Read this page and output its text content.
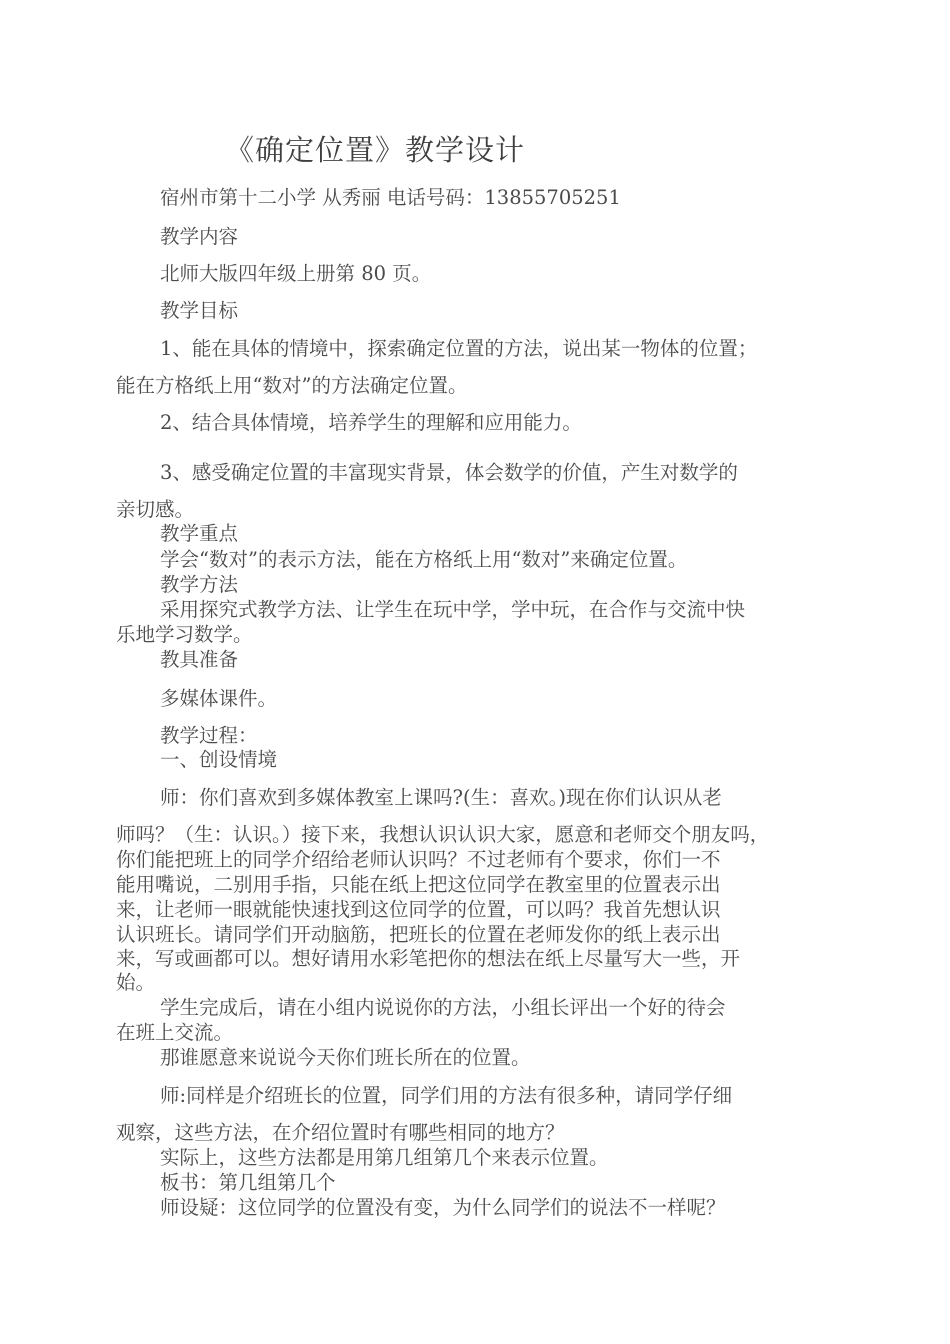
《确定位置》教学设计
宿州市第十二小学 从秀丽 电话号码：13855705251
教学内容
北师大版四年级上册第 80 页。
教学目标
1、能在具体的情境中，探索确定位置的方法，说出某一物体的位置；
能在方格纸上用“数对”的方法确定位置。
2、结合具体情境，培养学生的理解和应用能力。
3、感受确定位置的丰富现实背景，体会数学的价值，产生对数学的
亲切感。
教学重点
学会“数对”的表示方法，能在方格纸上用“数对”来确定位置。
教学方法
采用探究式教学方法、让学生在玩中学，学中玩，在合作与交流中快
乐地学习数学。
教具准备
多媒体课件。
教学过程：
一、创设情境
师：你们喜欢到多媒体教室上课吗?(生：喜欢。)现在你们认识从老
师吗？（生：认识。）接下来，我想认识认识大家，愿意和老师交个朋友吗，
你们能把班上的同学介绍给老师认识吗？不过老师有个要求，你们一不
能用嘴说，二别用手指，只能在纸上把这位同学在教室里的位置表示出
来，让老师一眼就能快速找到这位同学的位置，可以吗？我首先想认识
认识班长。请同学们开动脑筋，把班长的位置在老师发你的纸上表示出
来，写或画都可以。想好请用水彩笔把你的想法在纸上尽量写大一些，开
始。
学生完成后，请在小组内说说你的方法，小组长评出一个好的待会
在班上交流。
那谁愿意来说说今天你们班长所在的位置。
师:同样是介绍班长的位置，同学们用的方法有很多种，请同学仔细
观察，这些方法，在介绍位置时有哪些相同的地方？
实际上，这些方法都是用第几组第几个来表示位置。
板书：第几组第几个
师设疑：这位同学的位置没有变，为什么同学们的说法不一样呢？
